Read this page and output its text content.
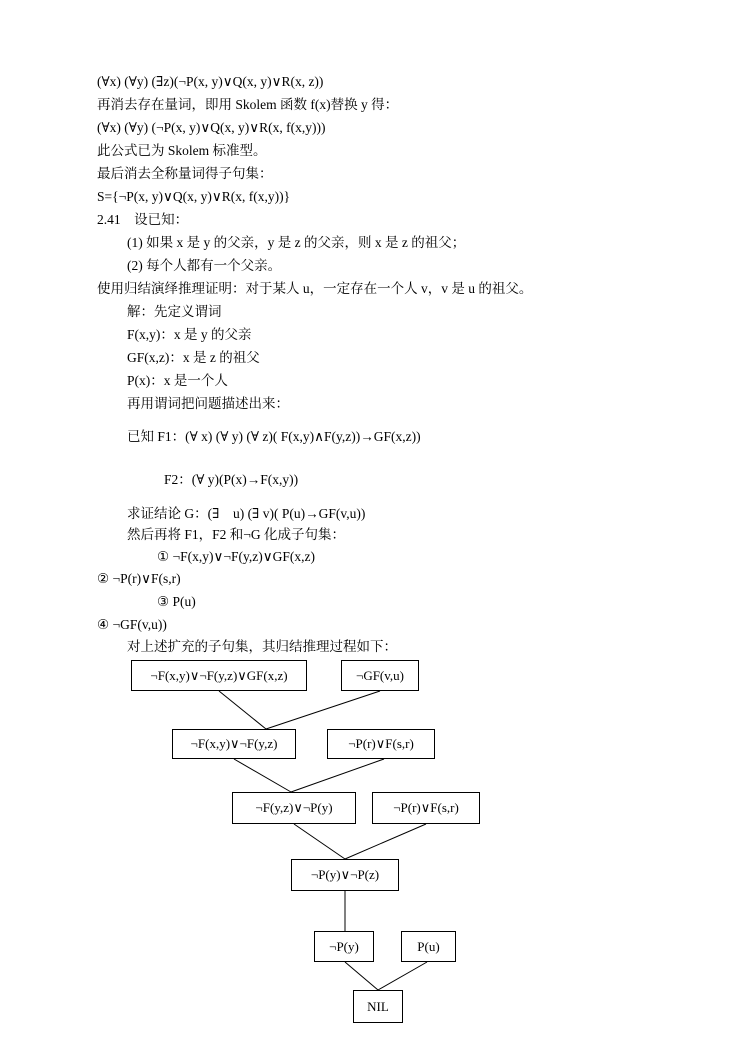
(∀x) (∀y) (∃z)(¬P(x, y)∨Q(x, y)∨R(x, z))
再消去存在量词，即用 Skolem 函数 f(x)替换 y 得：
(∀x) (∀y) (¬P(x, y)∨Q(x, y)∨R(x, f(x,y)))
此公式已为 Skolem 标准型。
最后消去全称量词得子句集：
S={¬P(x, y)∨Q(x, y)∨R(x, f(x,y))}
2.41　设已知：
(1) 如果 x 是 y 的父亲，y 是 z 的父亲，则 x 是 z 的祖父；
(2) 每个人都有一个父亲。
使用归结演绎推理证明：对于某人 u，一定存在一个人 v，v 是 u 的祖父。
解：先定义谓词
F(x,y)：x 是 y 的父亲
GF(x,z)：x 是 z 的祖父
P(x)：x 是一个人
再用谓词把问题描述出来：
已知 F1：(∀ x) (∀ y) (∀ z)( F(x,y)∧F(y,z))→GF(x,z))
F2：(∀ y)(P(x)→F(x,y))
求证结论 G：(∃　u) (∃ v)( P(u)→GF(v,u))
然后再将 F1，F2 和¬G 化成子句集：
① ¬F(x,y)∨¬F(y,z)∨GF(x,z)
② ¬P(r)∨F(s,r)
③ P(u)
④ ¬GF(v,u))
对上述扩充的子句集，其归结推理过程如下：
¬F(x,y)∨¬F(y,z)∨GF(x,z)	¬GF(v,u)
¬F(x,y)∨¬F(y,z)	¬P(r)∨F(s,r)
¬F(y,z)∨¬P(y)	¬P(r)∨F(s,r)
¬P(y)∨¬P(z)
¬P(y)	P(u)
NIL
